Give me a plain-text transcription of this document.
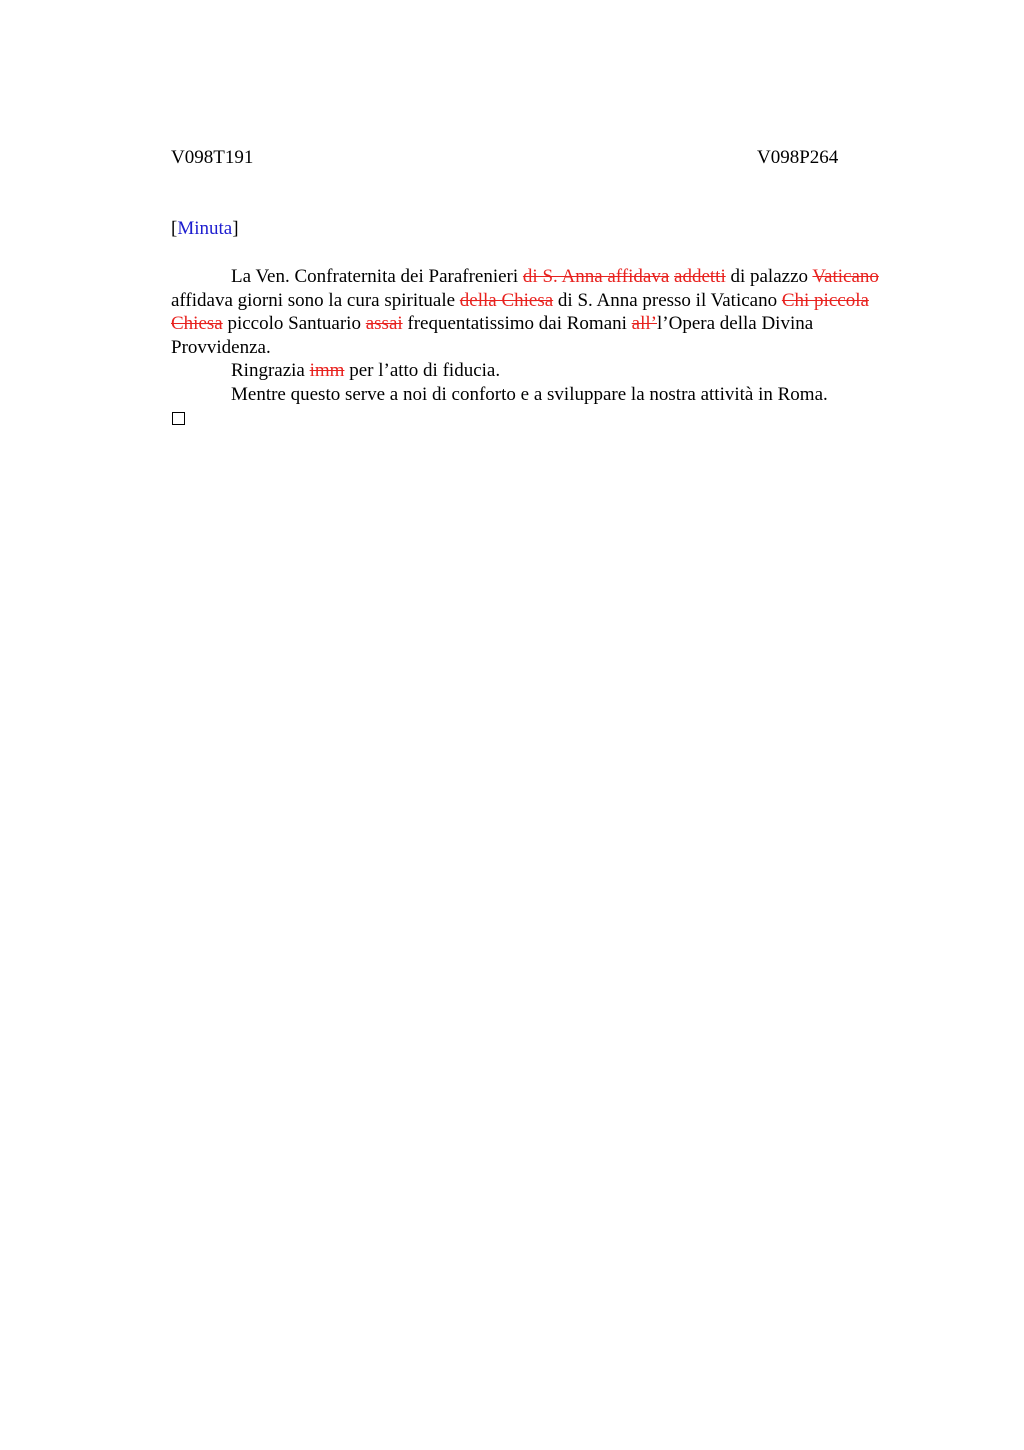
V098T191	V098P264
[Minuta]

La Ven. Confraternita dei Parafrenieri di S. Anna affidava addetti di palazzo Vaticano affidava giorni sono la cura spirituale della Chiesa di S. Anna presso il Vaticano Chi piccola Chiesa piccolo Santuario assai frequentatissimo dai Romani all’l’Opera della Divina Provvidenza.

Ringrazia imm per l’atto di fiducia.

Mentre questo serve a noi di conforto e a sviluppare la nostra attività in Roma.
